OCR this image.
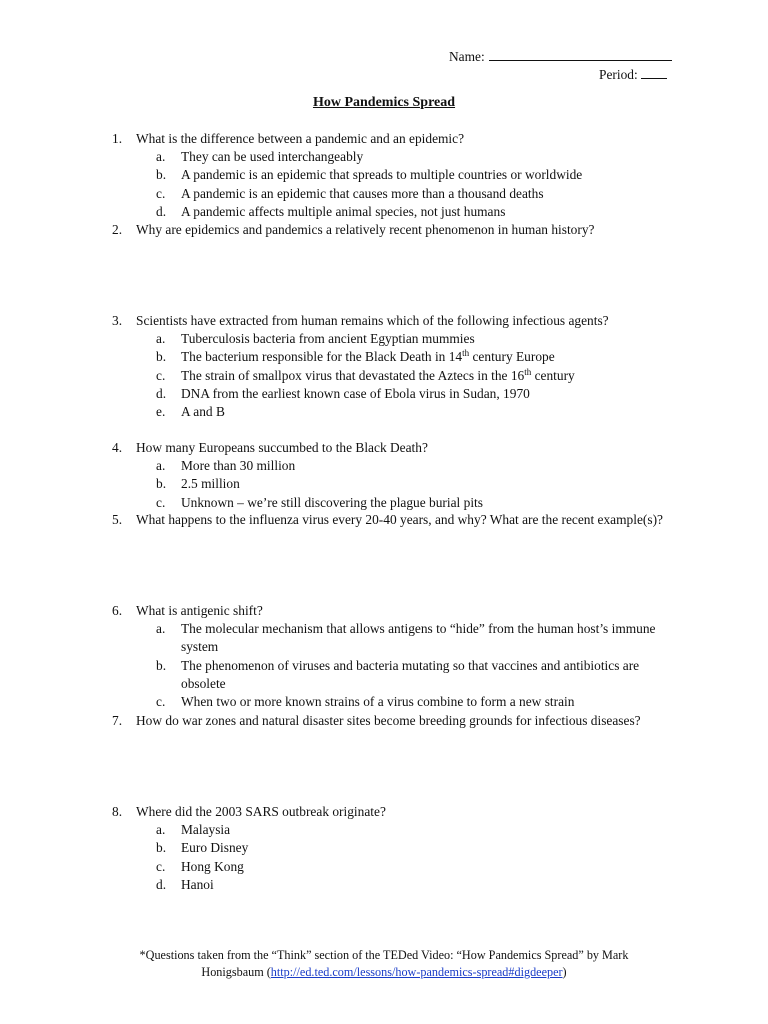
Name:
Period:
How Pandemics Spread
1. What is the difference between a pandemic and an epidemic?
a. They can be used interchangeably
b. A pandemic is an epidemic that spreads to multiple countries or worldwide
c. A pandemic is an epidemic that causes more than a thousand deaths
d. A pandemic affects multiple animal species, not just humans
2. Why are epidemics and pandemics a relatively recent phenomenon in human history?
3. Scientists have extracted from human remains which of the following infectious agents?
a. Tuberculosis bacteria from ancient Egyptian mummies
b. The bacterium responsible for the Black Death in 14th century Europe
c. The strain of smallpox virus that devastated the Aztecs in the 16th century
d. DNA from the earliest known case of Ebola virus in Sudan, 1970
e. A and B
4. How many Europeans succumbed to the Black Death?
a. More than 30 million
b. 2.5 million
c. Unknown – we’re still discovering the plague burial pits
5. What happens to the influenza virus every 20-40 years, and why? What are the recent example(s)?
6. What is antigenic shift?
a. The molecular mechanism that allows antigens to “hide” from the human host’s immune system
b. The phenomenon of viruses and bacteria mutating so that vaccines and antibiotics are obsolete
c. When two or more known strains of a virus combine to form a new strain
7. How do war zones and natural disaster sites become breeding grounds for infectious diseases?
8. Where did the 2003 SARS outbreak originate?
a. Malaysia
b. Euro Disney
c. Hong Kong
d. Hanoi
*Questions taken from the “Think” section of the TEDed Video: “How Pandemics Spread” by Mark
Honigsbaum (http://ed.ted.com/lessons/how-pandemics-spread#digdeeper)
